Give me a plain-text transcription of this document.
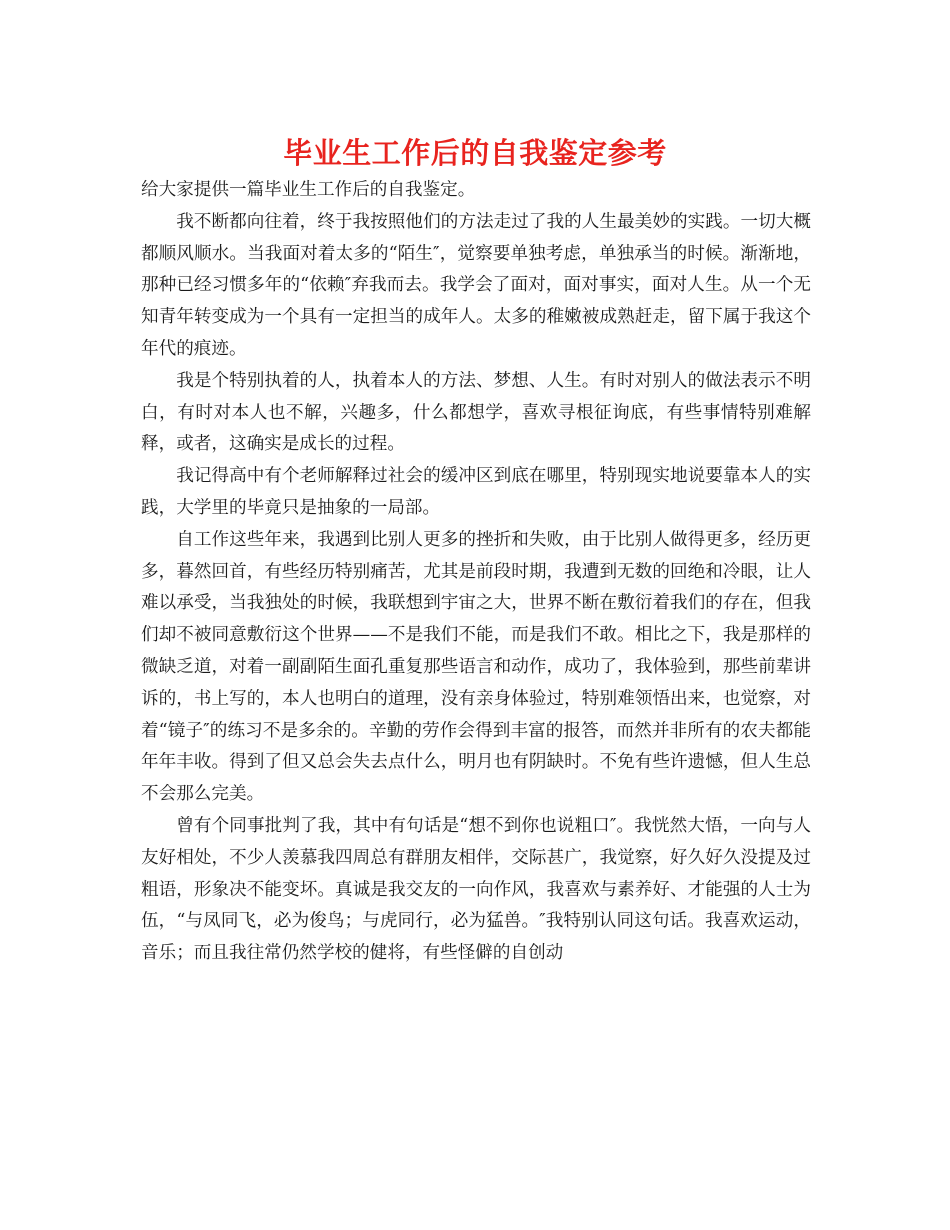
毕业生工作后的自我鉴定参考

给大家提供一篇毕业生工作后的自我鉴定。

我不断都向往着，终于我按照他们的方法走过了我的人生最美妙的实践。一切大概都顺风顺水。当我面对着太多的“陌生″，觉察要单独考虑，单独承当的时候。渐渐地，那种已经习惯多年的“依赖″弃我而去。我学会了面对，面对事实，面对人生。从一个无知青年转变成为一个具有一定担当的成年人。太多的稚嫩被成熟赶走，留下属于我这个年代的痕迹。

我是个特别执着的人，执着本人的方法、梦想、人生。有时对别人的做法表示不明白，有时对本人也不解，兴趣多，什么都想学，喜欢寻根征询底，有些事情特别难解释，或者，这确实是成长的过程。

我记得高中有个老师解释过社会的缓冲区到底在哪里，特别现实地说要靠本人的实践，大学里的毕竟只是抽象的一局部。

自工作这些年来，我遇到比别人更多的挫折和失败，由于比别人做得更多，经历更多，暮然回首，有些经历特别痛苦，尤其是前段时期，我遭到无数的回绝和冷眼，让人难以承受，当我独处的时候，我联想到宇宙之大，世界不断在敷衍着我们的存在，但我们却不被同意敷衍这个世界——不是我们不能，而是我们不敢。相比之下，我是那样的微缺乏道，对着一副副陌生面孔重复那些语言和动作，成功了，我体验到，那些前辈讲诉的，书上写的，本人也明白的道理，没有亲身体验过，特别难领悟出来，也觉察，对着“镜子″的练习不是多余的。辛勤的劳作会得到丰富的报答，而然并非所有的农夫都能年年丰收。得到了但又总会失去点什么，明月也有阴缺时。不免有些许遗憾，但人生总不会那么完美。

曾有个同事批判了我，其中有句话是“想不到你也说粗口″。我恍然大悟，一向与人友好相处，不少人羡慕我四周总有群朋友相伴，交际甚广，我觉察，好久好久没提及过粗语，形象决不能变坏。真诚是我交友的一向作风，我喜欢与素养好、才能强的人士为伍，“与凤同飞，必为俊鸟；与虎同行，必为猛兽。″我特别认同这句话。我喜欢运动，音乐；而且我往常仍然学校的健将，有些怪僻的自创动
